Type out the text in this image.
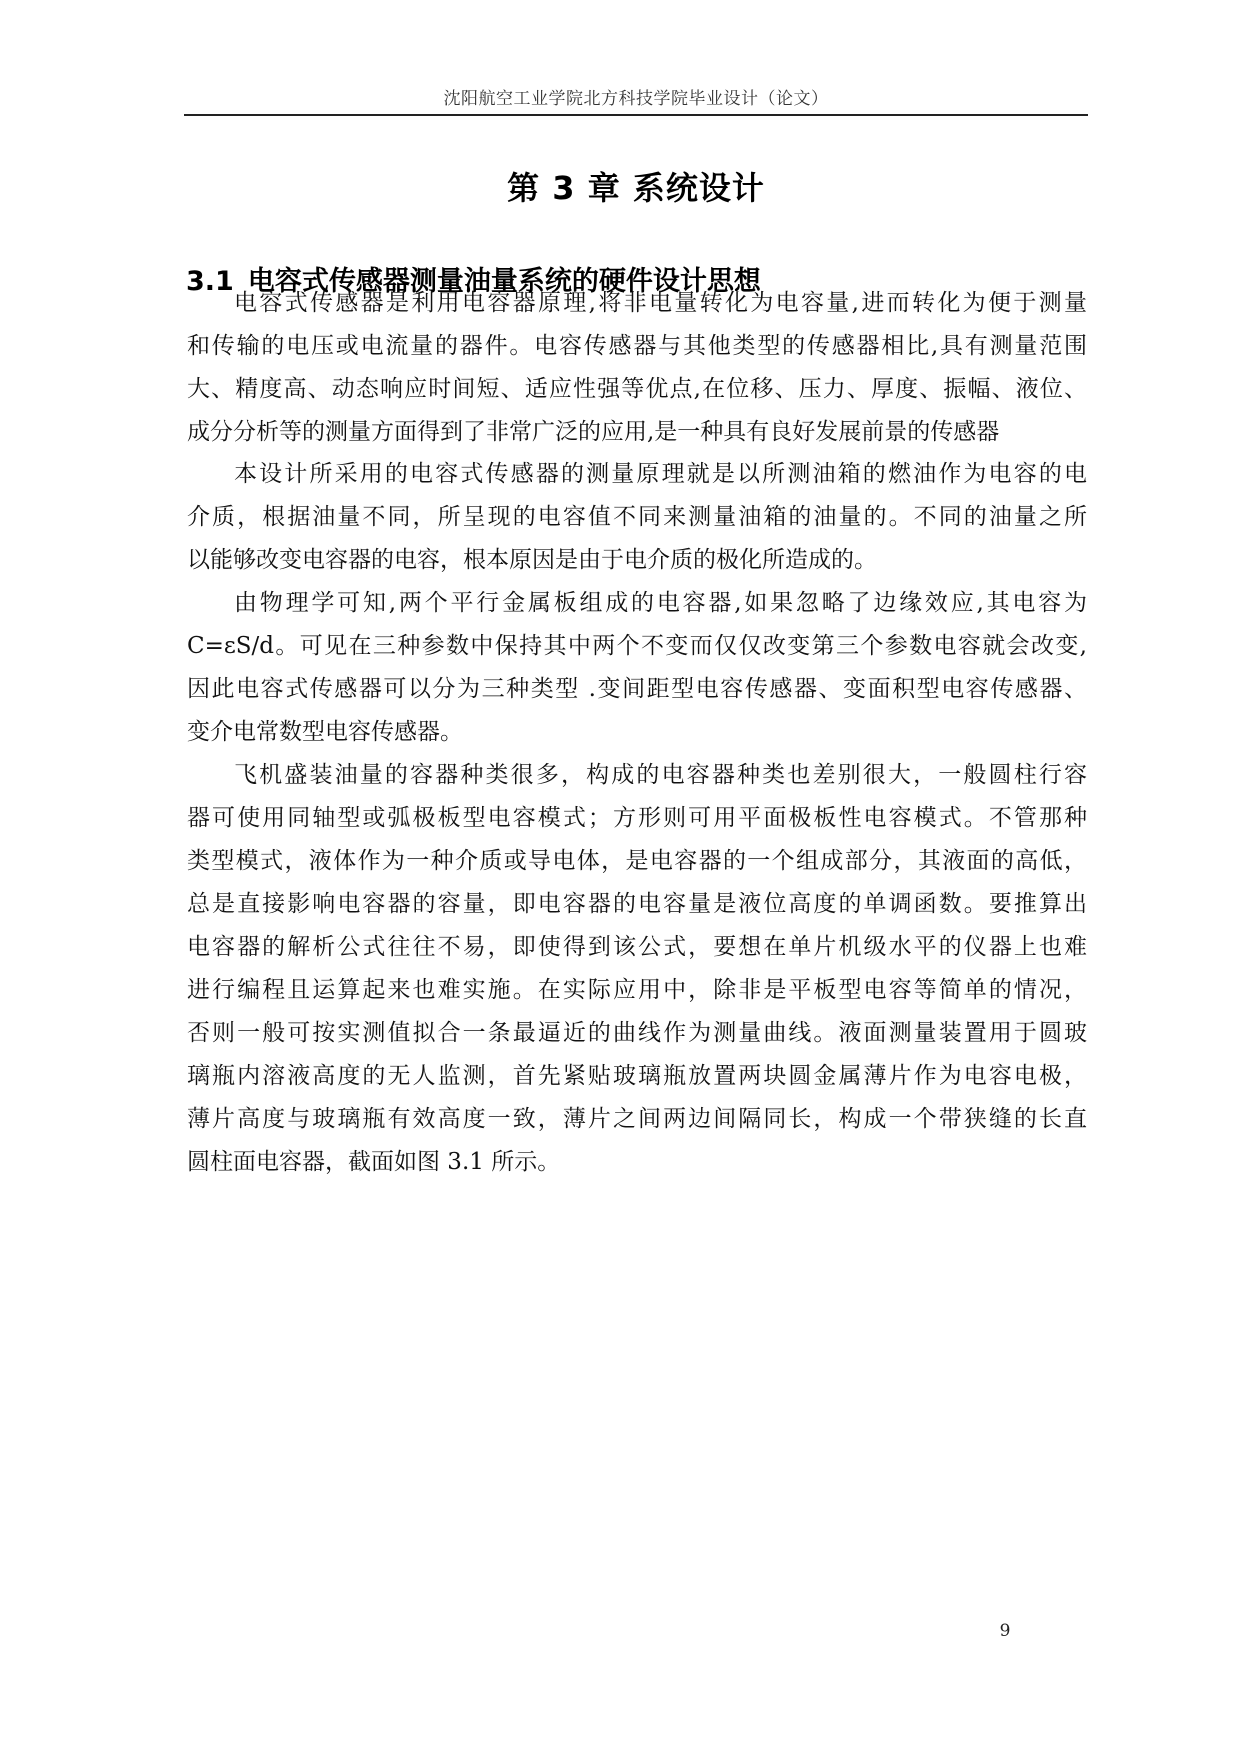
沈阳航空工业学院北方科技学院毕业设计（论文）
第 3 章 系统设计
3.1 电容式传感器测量油量系统的硬件设计思想
电容式传感器是利用电容器原理,将非电量转化为电容量,进而转化为便于测量
和传输的电压或电流量的器件。电容传感器与其他类型的传感器相比,具有测量范围
大、精度高、动态响应时间短、适应性强等优点,在位移、压力、厚度、振幅、液位、
成分分析等的测量方面得到了非常广泛的应用,是一种具有良好发展前景的传感器
本设计所采用的电容式传感器的测量原理就是以所测油箱的燃油作为电容的电
介质，根据油量不同，所呈现的电容值不同来测量油箱的油量的。不同的油量之所
以能够改变电容器的电容，根本原因是由于电介质的极化所造成的。
由物理学可知,两个平行金属板组成的电容器,如果忽略了边缘效应,其电容为
C=εS/d。可见在三种参数中保持其中两个不变而仅仅改变第三个参数电容就会改变,
因此电容式传感器可以分为三种类型 .变间距型电容传感器、变面积型电容传感器、
变介电常数型电容传感器。
飞机盛装油量的容器种类很多，构成的电容器种类也差别很大，一般圆柱行容
器可使用同轴型或弧极板型电容模式；方形则可用平面极板性电容模式。不管那种
类型模式，液体作为一种介质或导电体，是电容器的一个组成部分，其液面的高低，
总是直接影响电容器的容量，即电容器的电容量是液位高度的单调函数。要推算出
电容器的解析公式往往不易，即使得到该公式，要想在单片机级水平的仪器上也难
进行编程且运算起来也难实施。在实际应用中，除非是平板型电容等简单的情况，
否则一般可按实测值拟合一条最逼近的曲线作为测量曲线。液面测量装置用于圆玻
璃瓶内溶液高度的无人监测，首先紧贴玻璃瓶放置两块圆金属薄片作为电容电极，
薄片高度与玻璃瓶有效高度一致，薄片之间两边间隔同长，构成一个带狭缝的长直
圆柱面电容器，截面如图 3.1 所示。
9
